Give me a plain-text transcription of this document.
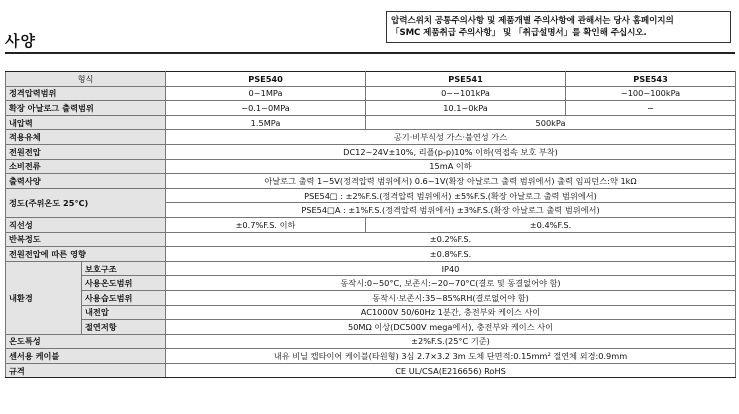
사양
압력스위치 공통주의사항 및 제품개별 주의사항에 관해서는 당사 홈페이지의
「SMC 제품취급 주의사항」 및 「취급설명서」를 확인해 주십시오.
형식		PSE540	PSE541	PSE543
정격압력범위		0~1MPa	0~−101kPa	−100~100kPa
확장 아날로그 출력범위		−0.1~0MPa	10.1~0kPa	−
내압력		1.5MPa	500kPa	
적용유체		공기·비부식성 가스·불연성 가스		
전원전압		DC12~24V±10%, 리플(p-p)10% 이하(역접속 보호 부착)		
소비전류		15mA 이하		
출력사양		아날로그 출력 1~5V(정격압력 범위에서) 0.6~1V(확장 아날로그 출력 범위에서) 출력 임피던스:약 1kΩ		
정도(주위온도 25°C)		PSE54□ : ±2%F.S.(정격압력 범위에서) ±5%F.S.(확장 아날로그 출력 범위에서)		
		PSE54□A : ±1%F.S.(정격압력 범위에서) ±3%F.S.(확장 아날로그 출력 범위에서)		
직선성		±0.7%F.S. 이하	±0.4%F.S.	
반복정도		±0.2%F.S.		
전원전압에 따른 영향		±0.8%F.S.		
내환경	보호구조	IP40		
	사용온도범위	동작시:0~50°C, 보존시:−20~70°C(결로 및 동결없어야 함)		
	사용습도범위	동작시·보존시:35~85%RH(결로없어야 함)		
	내전압	AC1000V 50/60Hz 1분간, 충전부와 케이스 사이		
	절연저항	50MΩ 이상(DC500V mega에서), 충전부와 케이스 사이		
온도특성		±2%F.S.(25°C 기준)		
센서용 케이블		내유 비닐 캡타이어 케이블(타원형) 3심 2.7×3.2 3m 도체 단면적:0.15mm² 절연체 외경:0.9mm		
규격		CE UL/CSA(E216656) RoHS		
